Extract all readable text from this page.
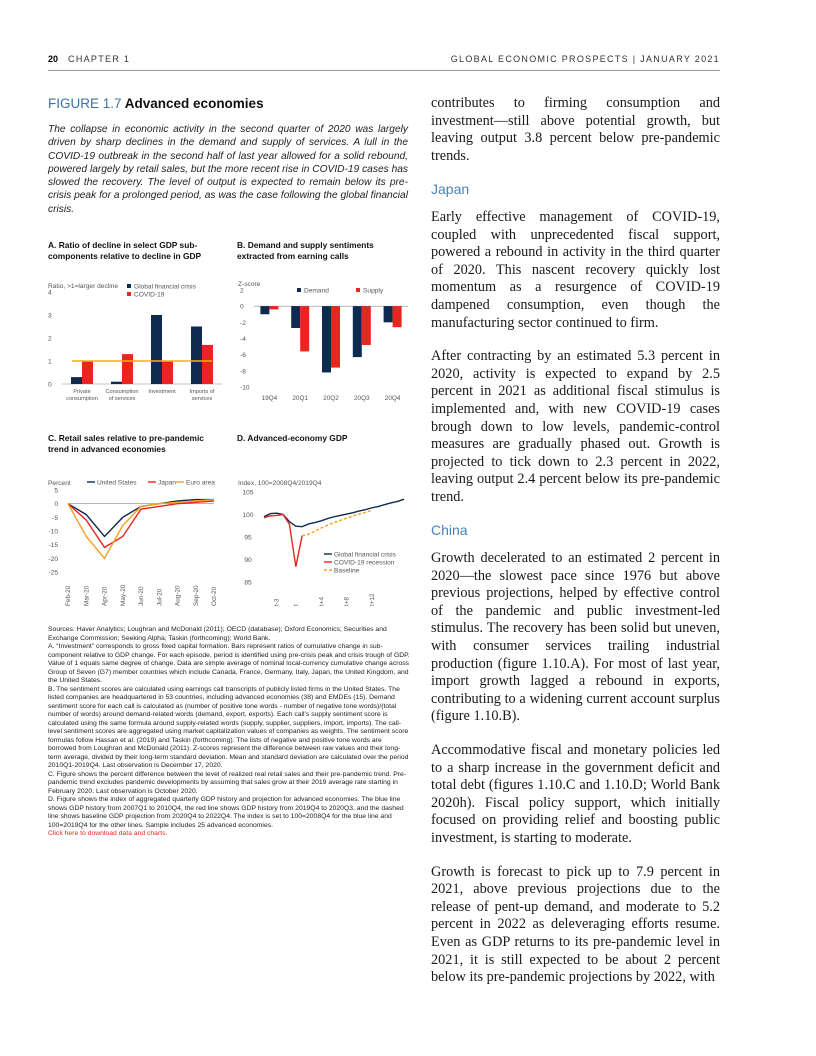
20 CHAPTER 1	GLOBAL ECONOMIC PROSPECTS | JANUARY 2021
FIGURE 1.7 Advanced economies
The collapse in economic activity in the second quarter of 2020 was largely driven by sharp declines in the demand and supply of services. A lull in the COVID-19 outbreak in the second half of last year allowed for a solid rebound, powered largely by retail sales, but the more recent rise in COVID-19 cases has slowed the recovery. The level of output is expected to remain below its pre-crisis peak for a prolonged period, as was the case following the global financial crisis.
A. Ratio of decline in select GDP sub-components relative to decline in GDP
B. Demand and supply sentiments extracted from earning calls
C. Retail sales relative to pre-pandemic trend in advanced economies
D. Advanced-economy GDP
Ratio, >1=larger decline
0
1
2
3
4
Private
consumption
Consumption
of services
Investment Imports of
services
Global financial crisis
COVID-19
Z-score
2
0
-2
-4
-6
-8
-10
19Q4 20Q1 20Q2 20Q3 20Q4
Demand	Supply
Percent
5
0
-5
-10
-15
-20
-25
Feb-20 Mar-20 Apr-20 May-20 Jun-20 Jul-20 Aug-20 Sep-20 Oct-20
United States	Japan Euro area	Index, 100=2008Q4/2019Q4
105
100
95
90
85
t-3 t	t+4	t+8	t+12
Global financial crisis
COVID-19 recession
Baseline

Sources: Haver Analytics; Loughran and McDonald (2011); OECD (database); Oxford Economics; Securities and Exchange Commission; Seeking Alpha; Taskin (forthcoming); World Bank.

A. “Investment” corresponds to gross fixed capital formation. Bars represent ratios of cumulative change in sub-component relative to GDP change. For each episode, period is identified using pre-crisis peak and crisis trough of GDP. Value of 1 equals same degree of change. Data are simple average of nominal local-currency cumulative change across Group of Seven (G7) member countries which include Canada, France, Germany, Italy, Japan, the United Kingdom, and the United States.

B. The sentiment scores are calculated using earnings call transcripts of publicly listed firms in the United States. The listed companies are headquartered in 53 countries, including advanced economies (38) and EMDEs (15). Demand sentiment score for each call is calculated as (number of positive tone words - number of negative tone words)/(total number of words) around demand-related words (demand, export, exports). Each call’s supply sentiment score is calculated using the same formula around supply-related words (supply, supplier, suppliers, import, imports). The call-level sentiment scores are aggregated using market capitalization values of companies as weights. The sentiment score formulas follow Hassan et al. (2019) and Taskin (forthcoming). The lists of negative and positive tone words are borrowed from Loughran and McDonald (2011). Z-scores represent the difference between raw values and their long-term average, divided by their long-term standard deviation. Mean and standard deviation are calculated over the period 2010Q1-2019Q4. Last observation is December 17, 2020.

C. Figure shows the percent difference between the level of realized real retail sales and their pre-pandemic trend. Pre-pandemic trend excludes pandemic developments by assuming that sales grow at their 2019 average rate starting in February 2020. Last observation is October 2020.

D. Figure shows the index of aggregated quarterly GDP history and projection for advanced economies. The blue line shows GDP history from 2007Q1 to 2010Q4, the red line shows GDP history from 2019Q4 to 2020Q3, and the dashed line shows baseline GDP projection from 2020Q4 to 2022Q4. The index is set to 100=2008Q4 for the blue line and 100=2019Q4 for the other lines. Sample includes 25 advanced economies.

Click here to download data and charts.

contributes to firming consumption and investment—still above potential growth, but leaving output 3.8 percent below pre-pandemic trends.

Japan

Early effective management of COVID-19, coupled with unprecedented fiscal support, powered a rebound in activity in the third quarter of 2020. This nascent recovery quickly lost momentum as a resurgence of COVID-19 dampened consumption, even though the manufacturing sector continued to firm.

After contracting by an estimated 5.3 percent in 2020, activity is expected to expand by 2.5 percent in 2021 as additional fiscal stimulus is implemented and, with new COVID-19 cases brough down to low levels, pandemic-control measures are gradually phased out. Growth is projected to tick down to 2.3 percent in 2022, leaving output 2.4 percent below its pre-pandemic trend.

China

Growth decelerated to an estimated 2 percent in 2020—the slowest pace since 1976 but above previous projections, helped by effective control of the pandemic and public investment-led stimulus. The recovery has been solid but uneven, with consumer services trailing industrial production (figure 1.10.A). For most of last year, import growth lagged a rebound in exports, contributing to a widening current account surplus (figure 1.10.B).

Accommodative fiscal and monetary policies led to a sharp increase in the government deficit and total debt (figures 1.10.C and 1.10.D; World Bank 2020h). Fiscal policy support, which initially focused on providing relief and boosting public investment, is starting to moderate.

Growth is forecast to pick up to 7.9 percent in 2021, above previous projections due to the release of pent-up demand, and moderate to 5.2 percent in 2022 as deleveraging efforts resume. Even as GDP returns to its pre-pandemic level in 2021, it is still expected to be about 2 percent below its pre-pandemic projections by 2022, with
